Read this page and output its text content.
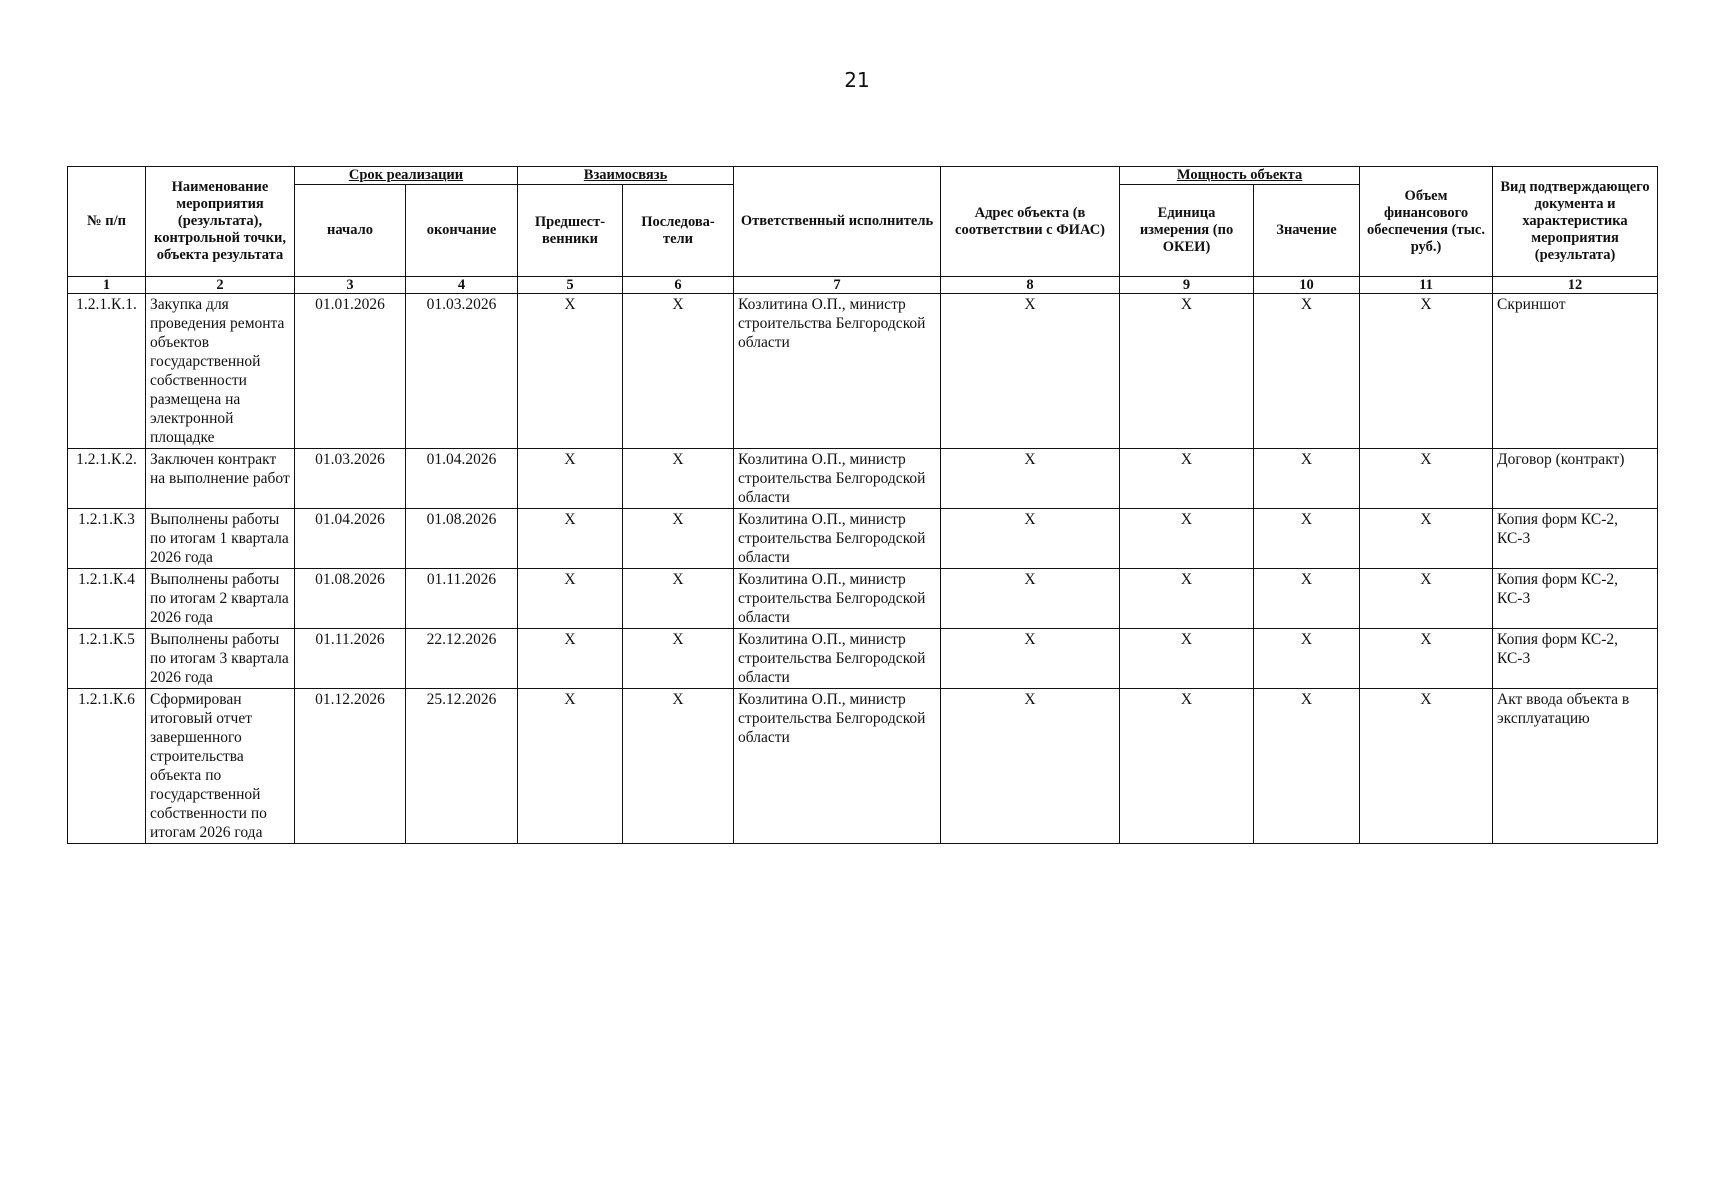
21
№ п/п	Наименование мероприятия (результата), контрольной точки, объекта результата	Срок реализации		Взаимосвязь		Ответственный исполнитель	Адрес объекта (в соответствии с ФИАС)	Мощность объекта		Объем финансового обеспечения (тыс. руб.)	Вид подтверждающего документа и характеристика мероприятия (результата)
		начало	окончание	Предшест-венники	Последова-тели			Единица измерения (по ОКЕИ)	Значение		
1	2	3	4	5	6	7	8	9	10	11	12
1.2.1.К.1.	Закупка для проведения ремонта объектов государственной собственности размещена на электронной площадке	01.01.2026	01.03.2026	X	X	Козлитина О.П., министр строительства Белгородской области	X	X	X	X	Скриншот
1.2.1.К.2.	Заключен контракт на выполнение работ	01.03.2026	01.04.2026	X	X	Козлитина О.П., министр строительства Белгородской области	X	X	X	X	Договор (контракт)
1.2.1.К.3	Выполнены работы по итогам 1 квартала 2026 года	01.04.2026	01.08.2026	X	X	Козлитина О.П., министр строительства Белгородской области	X	X	X	X	Копия форм КС-2, КС-3
1.2.1.К.4	Выполнены работы по итогам 2 квартала 2026 года	01.08.2026	01.11.2026	X	X	Козлитина О.П., министр строительства Белгородской области	X	X	X	X	Копия форм КС-2, КС-3
1.2.1.К.5	Выполнены работы по итогам 3 квартала 2026 года	01.11.2026	22.12.2026	X	X	Козлитина О.П., министр строительства Белгородской области	X	X	X	X	Копия форм КС-2, КС-3
1.2.1.К.6	Сформирован итоговый отчет завершенного строительства объекта по государственной собственности по итогам 2026 года	01.12.2026	25.12.2026	X	X	Козлитина О.П., министр строительства Белгородской области	X	X	X	X	Акт ввода объекта в эксплуатацию
